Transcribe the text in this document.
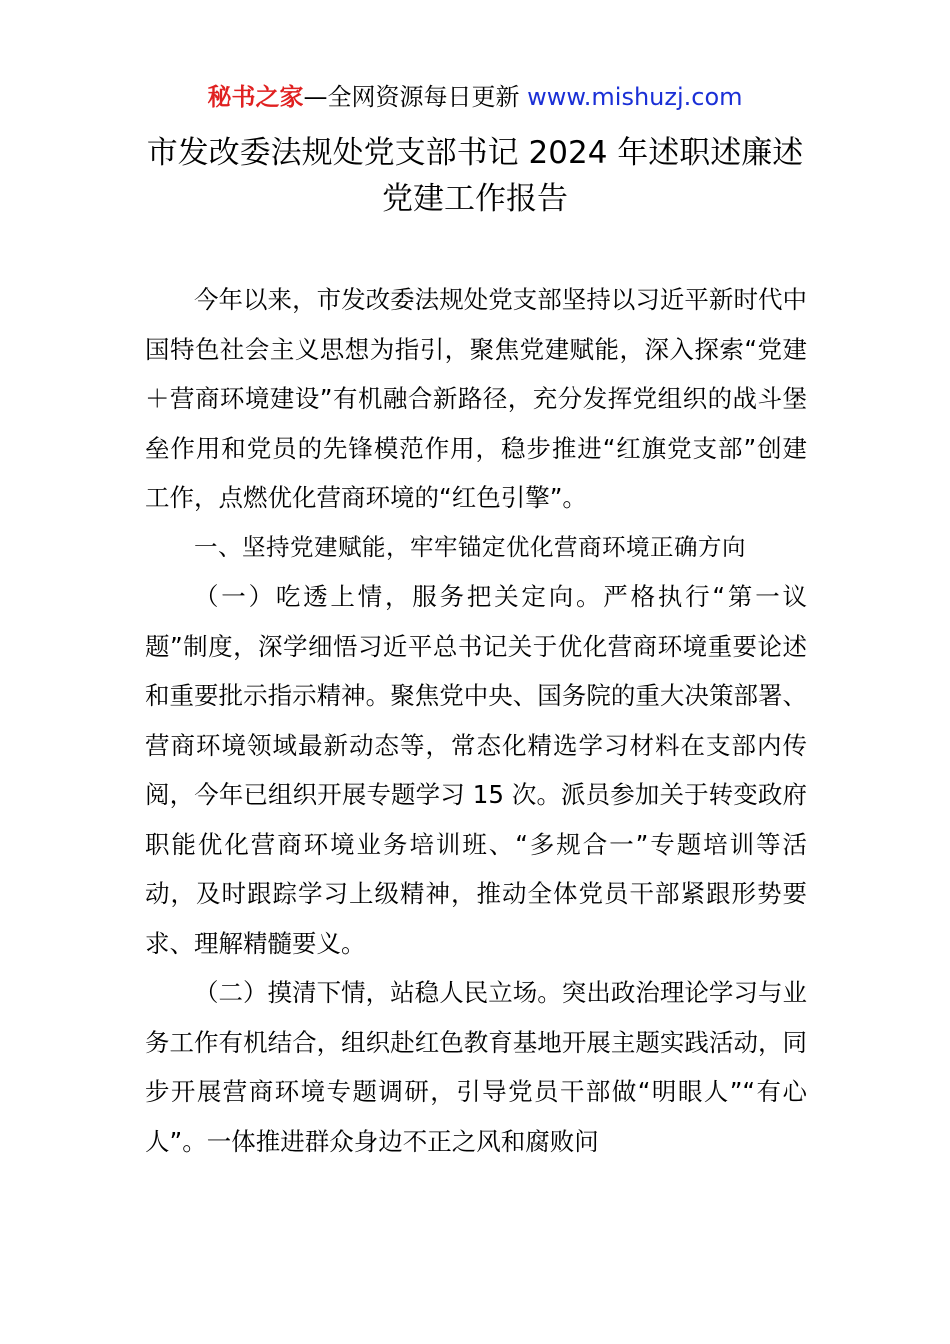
秘书之家—全网资源每日更新 www.mishuzj.com
市发改委法规处党支部书记 2024 年述职述廉述
党建工作报告

今年以来，市发改委法规处党支部坚持以习近平新时代中国特色社会主义思想为指引，聚焦党建赋能，深入探索“党建＋营商环境建设”有机融合新路径，充分发挥党组织的战斗堡垒作用和党员的先锋模范作用，稳步推进“红旗党支部”创建工作，点燃优化营商环境的“红色引擎”。

一、坚持党建赋能，牢牢锚定优化营商环境正确方向

（一）吃透上情，服务把关定向。严格执行“第一议题”制度，深学细悟习近平总书记关于优化营商环境重要论述和重要批示指示精神。聚焦党中央、国务院的重大决策部署、营商环境领域最新动态等，常态化精选学习材料在支部内传阅，今年已组织开展专题学习 15 次。派员参加关于转变政府职能优化营商环境业务培训班、“多规合一”专题培训等活动，及时跟踪学习上级精神，推动全体党员干部紧跟形势要求、理解精髓要义。

（二）摸清下情，站稳人民立场。突出政治理论学习与业务工作有机结合，组织赴红色教育基地开展主题实践活动，同步开展营商环境专题调研，引导党员干部做“明眼人”“有心人”。一体推进群众身边不正之风和腐败问
